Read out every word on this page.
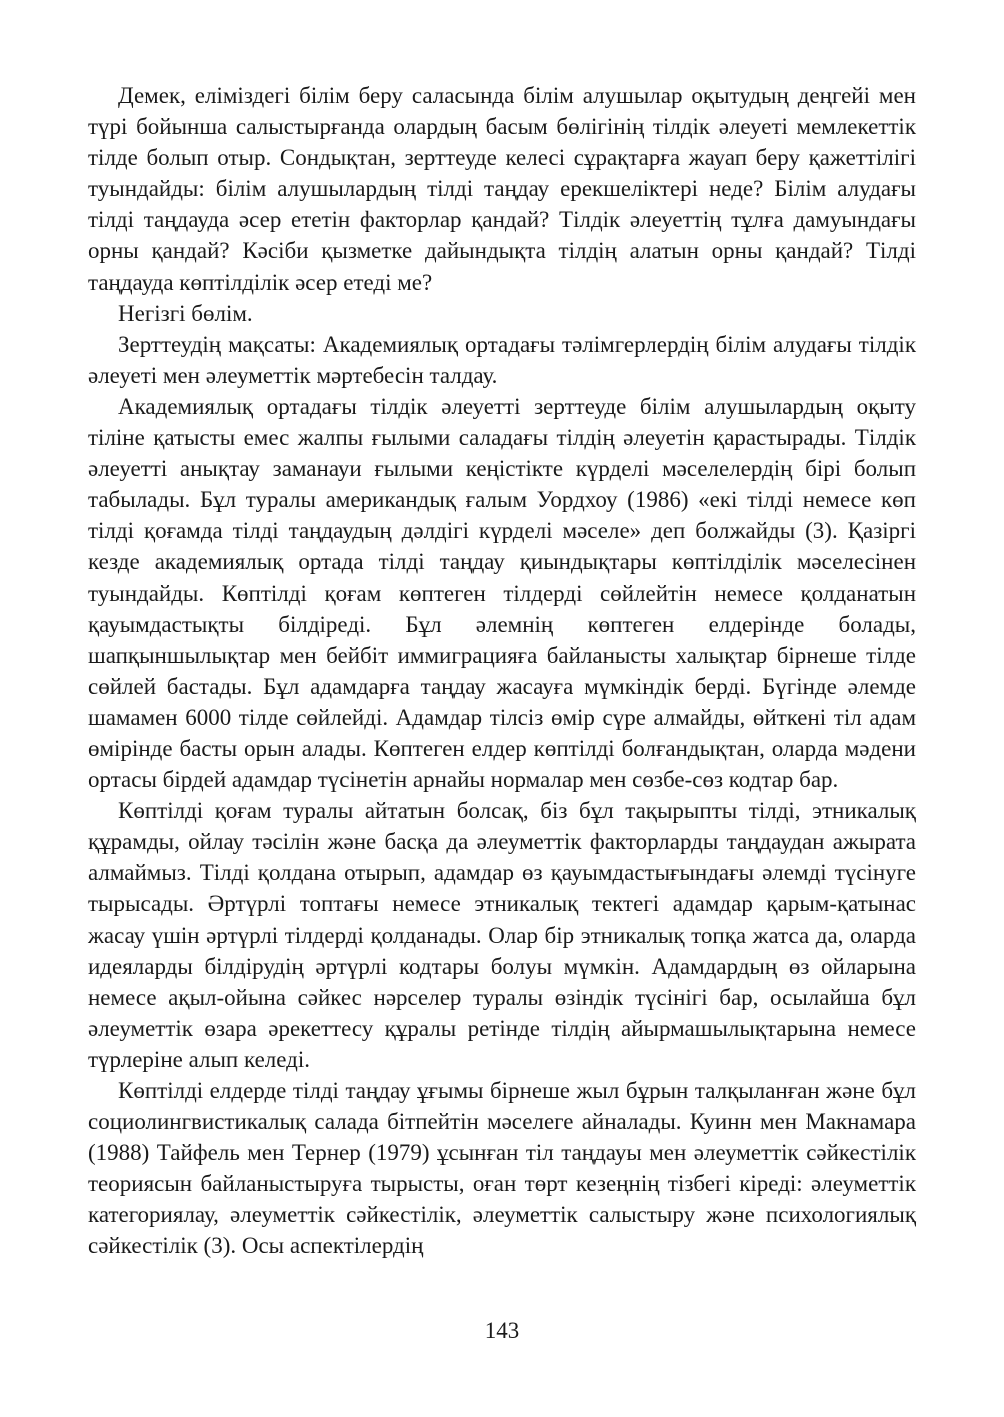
Демек, еліміздегі білім беру саласында білім алушылар оқытудың деңгейі мен түрі бойынша салыстырғанда олардың басым бөлігінің тілдік әлеуеті мемлекеттік тілде болып отыр. Сондықтан, зерттеуде келесі сұрақтарға жауап беру қажеттілігі туындайды: білім алушылардың тілді таңдау ерекшеліктері неде? Білім алудағы тілді таңдауда әсер ететін факторлар қандай? Тілдік әлеуеттің тұлға дамуындағы орны қандай? Кәсіби қызметке дайындықта тілдің алатын орны қандай? Тілді таңдауда көптілділік әсер етеді ме?

Негізгі бөлім.

Зерттеудің мақсаты: Академиялық ортадағы тәлімгерлердің білім алудағы тілдік әлеуеті мен әлеуметтік мәртебесін талдау.

Академиялық ортадағы тілдік әлеуетті зерттеуде білім алушылардың оқыту тіліне қатысты емес жалпы ғылыми саладағы тілдің әлеуетін қарастырады. Тілдік әлеуетті анықтау заманауи ғылыми кеңістікте күрделі мәселелердің бірі болып табылады. Бұл туралы американдық ғалым Уордхоу (1986) «екі тілді немесе көп тілді қоғамда тілді таңдаудың дәлдігі күрделі мәселе» деп болжайды (3). Қазіргі кезде академиялық ортада тілді таңдау қиындықтары көптілділік мәселесінен туындайды. Көптілді қоғам көптеген тілдерді сөйлейтін немесе қолданатын қауымдастықты білдіреді. Бұл әлемнің көптеген елдерінде болады, шапқыншылықтар мен бейбіт иммиграцияға байланысты халықтар бірнеше тілде сөйлей бастады. Бұл адамдарға таңдау жасауға мүмкіндік берді. Бүгінде әлемде шамамен 6000 тілде сөйлейді. Адамдар тілсіз өмір сүре алмайды, өйткені тіл адам өмірінде басты орын алады. Көптеген елдер көптілді болғандықтан, оларда мәдени ортасы бірдей адамдар түсінетін арнайы нормалар мен сөзбе-сөз кодтар бар.

Көптілді қоғам туралы айтатын болсақ, біз бұл тақырыпты тілді, этникалық құрамды, ойлау тәсілін және басқа да әлеуметтік факторларды таңдаудан ажырата алмаймыз. Тілді қолдана отырып, адамдар өз қауымдастығындағы әлемді түсінуге тырысады. Әртүрлі топтағы немесе этникалық тектегі адамдар қарым-қатынас жасау үшін әртүрлі тілдерді қолданады. Олар бір этникалық топқа жатса да, оларда идеяларды білдірудің әртүрлі кодтары болуы мүмкін. Адамдардың өз ойларына немесе ақыл-ойына сәйкес нәрселер туралы өзіндік түсінігі бар, осылайша бұл әлеуметтік өзара әрекеттесу құралы ретінде тілдің айырмашылықтарына немесе түрлеріне алып келеді.

Көптілді елдерде тілді таңдау ұғымы бірнеше жыл бұрын талқыланған және бұл социолингвистикалық салада бітпейтін мәселеге айналады. Куинн мен Макнамара (1988) Тайфель мен Тернер (1979) ұсынған тіл таңдауы мен әлеуметтік сәйкестілік теориясын байланыстыруға тырысты, оған төрт кезеңнің тізбегі кіреді: әлеуметтік категориялау, әлеуметтік сәйкестілік, әлеуметтік салыстыру және психологиялық сәйкестілік (3). Осы аспектілердің

143
